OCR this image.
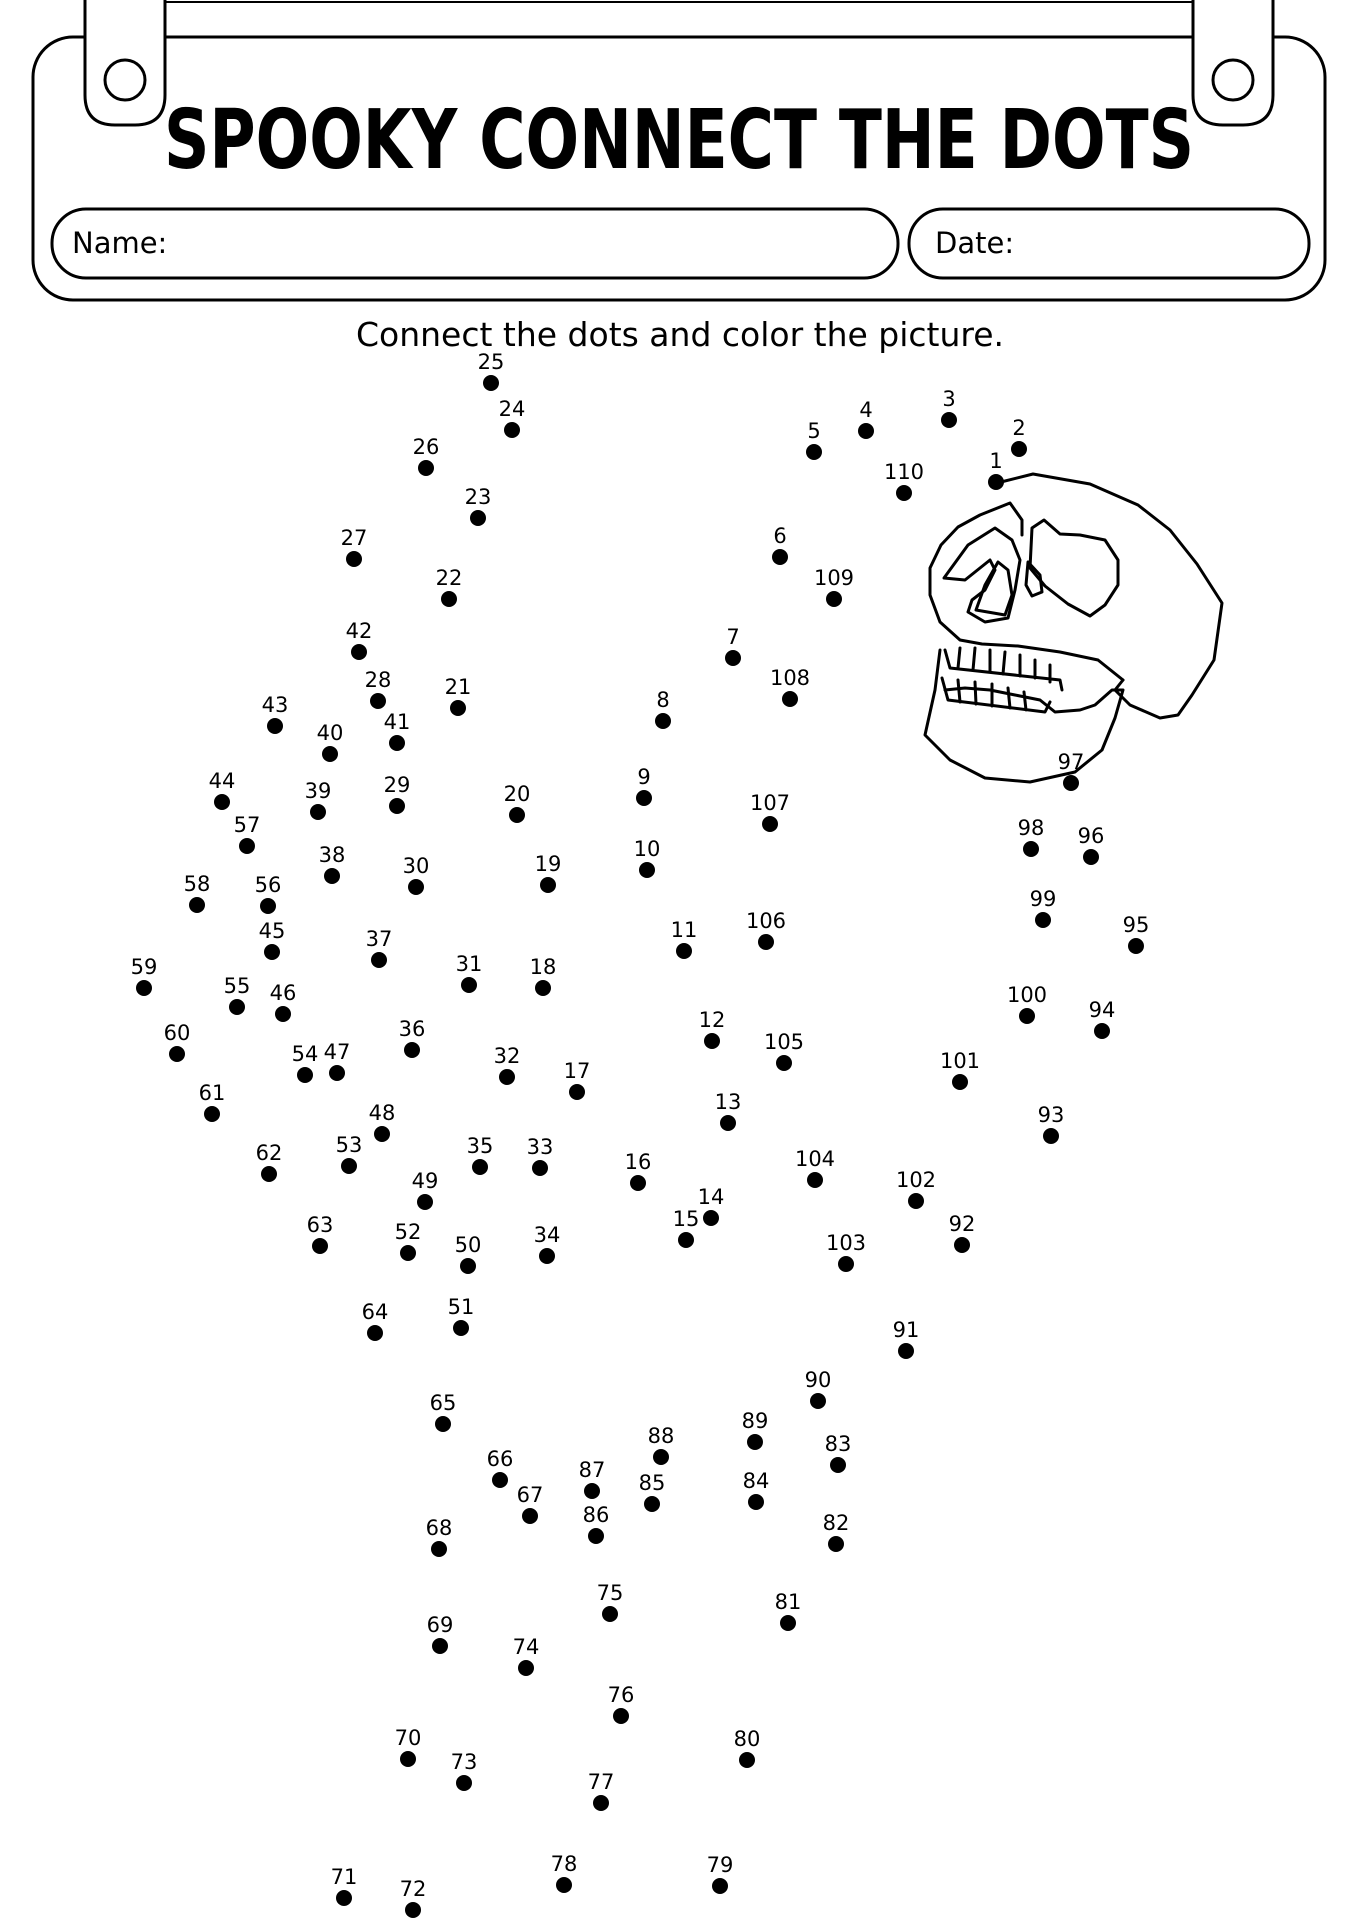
SPOOKY CONNECT THE DOTS
Name:	Date:
Connect the dots and color the picture.
1
2
3
4
5
6
7
8
9
10
11
12
13
14
15
16
17
18
19
20
21
22
23
24
25
26
27
28
29
30
31
32
33
34
35
36
37
38
39
40 41
42
43
44
45
46
47
48
49
50
51
52
53
54
55
56
57
58
59
60
61
62
63
64
65
66
67
68
69
70
71 72
73
74
75
76
77
78	79
80
81
82
83
84
85
86
87
88
89
90
91
92
93
94
95
96
97
98
99
100
101
102
103
104
105
106
107
108
109
110
